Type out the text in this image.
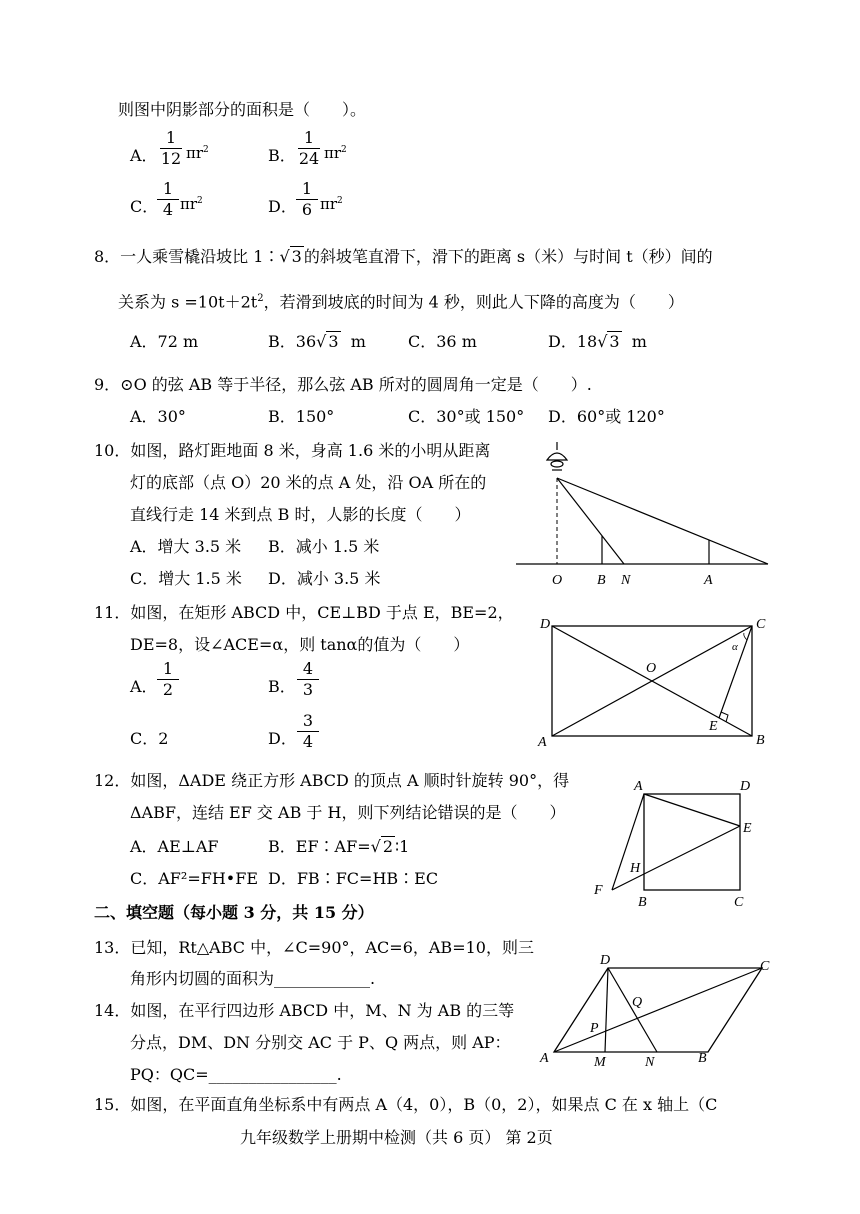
则图中阴影部分的面积是（　　）。
A．
1
12 $\pi r^2$	B．
1
24 $\pi r^2$
C．
1
4 $\pi r^2$	D．
1
6 $\pi r^2$
8．一人乘雪橇沿坡比 1∶√ 3 的斜坡笔直滑下，滑下的距离 s（米）与时间 t（秒）间的
关系为 $s =10t+2t^2$，若滑到坡底的时间为 4 秒，则此人下降的高度为（　　）
A．72 m	B．36√ 3 m	C．36 m	D．18√ 3 m
9．⊙O 的弦 AB 等于半径，那么弦 AB 所对的圆周角一定是（　　）.
A．30°	B．150°	C．30°或 150° D．60°或 120°
10．如图，路灯距地面 8 米，身高 1.6 米的小明从距离
灯的底部（点 O）20 米的点 A 处，沿 OA 所在的
直线行走 14 米到点 B 时，人影的长度（　　）
A．增大 3.5 米 B．减小 1.5 米
C．增大 1.5 米 D．减小 3.5 米	O B N	A
11．如图，在矩形 ABCD 中，CE⊥BD 于点 E，BE=2，
DE=8，设∠ACE=α，则 tanα的值为（　　）
A．
1
2	B．
4
3
C．2	D．
3
4
D	C
O
α
E
A	B
12．如图，ΔADE 绕正方形 ABCD 的顶点 A 顺时针旋转 90°，得
ΔABF，连结 EF 交 AB 于 H，则下列结论错误的是（　　）
A．AE⊥AF	B．EF∶AF=√ 2 ∶1
C．AF²=FH•FE D．FB∶FC=HB∶EC
A	D
E
H
F
B	C
二、填空题（每小题 3 分，共 15 分）
13．已知，Rt△ABC 中，∠C=90°，AC=6，AB=10，则三
角形内切圆的面积为____________.
14．如图，在平行四边形 ABCD 中，M、N 为 AB 的三等
分点，DM、DN 分别交 AC 于 P、Q 两点，则 AP：
PQ：QC=________________.
D	C
Q
P
A	M	N	B
15．如图，在平面直角坐标系中有两点 A（4，0），B（0，2），如果点 C 在 x 轴上（C
九年级数学上册期中检测（共 6 页） 第 2页
